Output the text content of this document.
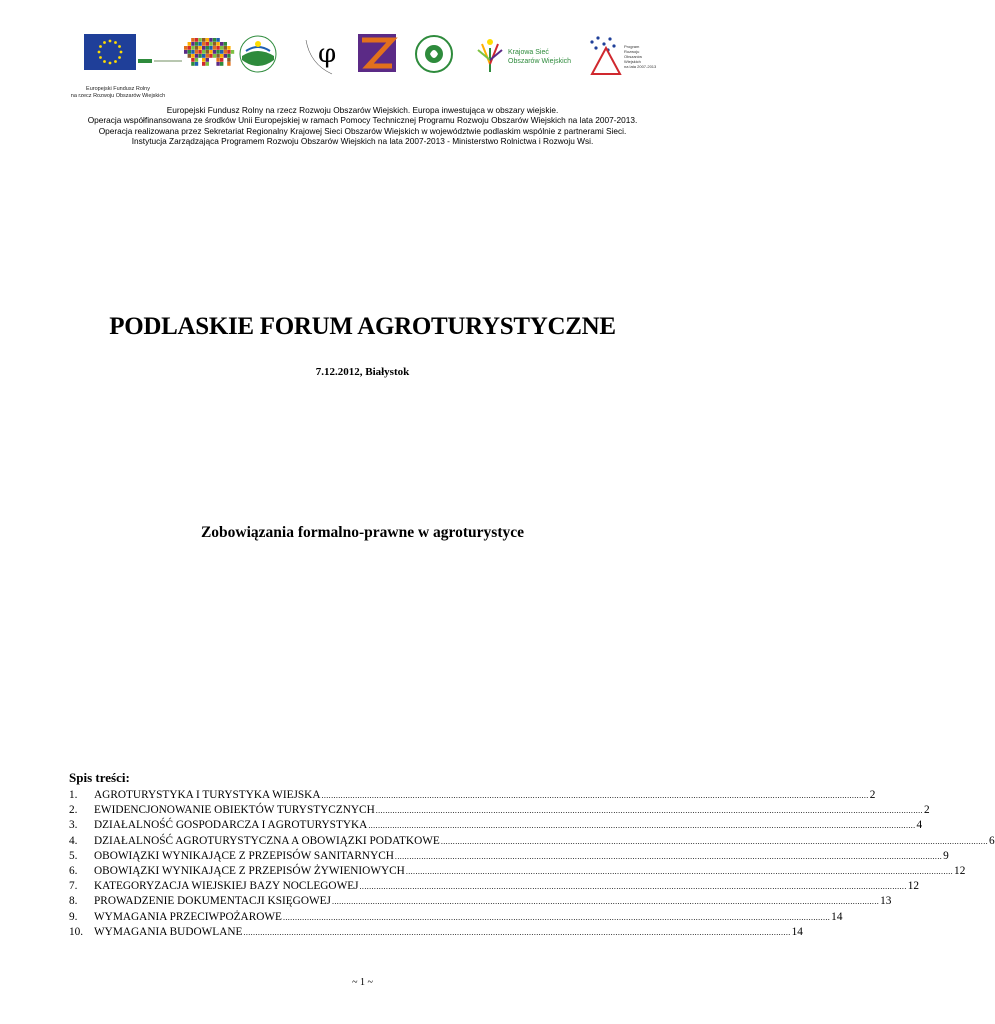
φ	Krajowa Sieć
Obszarów Wiejskich
Program
Rozwoju
Obszarów
Wiejskich
na lata 2007-2013
Europejski Fundusz Rolny
na rzecz Rozwoju Obszarów Wiejskich
Europejski Fundusz Rolny na rzecz Rozwoju Obszarów Wiejskich. Europa inwestująca w obszary wiejskie.
Operacja współfinansowana ze środków Unii Europejskiej w ramach Pomocy Technicznej Programu Rozwoju Obszarów Wiejskich na lata 2007-2013.
Operacja realizowana przez Sekretariat Regionalny Krajowej Sieci Obszarów Wiejskich w województwie podlaskim wspólnie z partnerami Sieci.
Instytucja Zarządzająca Programem Rozwoju Obszarów Wiejskich na lata 2007-2013 - Ministerstwo Rolnictwa i Rozwoju Wsi.
PODLASKIE FORUM AGROTURYSTYCZNE
7.12.2012, Białystok
Zobowiązania formalno-prawne w agroturystyce
Spis treści:
1.	AGROTURYSTYKA I TURYSTYKA WIEJSKA .....	2
2.	EWIDENCJONOWANIE OBIEKTÓW TURYSTYCZNYCH .....	2
3.	DZIAŁALNOŚĆ GOSPODARCZA I AGROTURYSTYKA .....	4
4.	DZIAŁALNOŚĆ AGROTURYSTYCZNA A OBOWIĄZKI PODATKOWE .....	6
5.	OBOWIĄZKI WYNIKAJĄCE Z PRZEPISÓW SANITARNYCH .....	9
6.	OBOWIĄZKI WYNIKAJĄCE Z PRZEPISÓW ŻYWIENIOWYCH .....	12
7.	KATEGORYZACJA WIEJSKIEJ BAZY NOCLEGOWEJ .....	12
8.	PROWADZENIE DOKUMENTACJI KSIĘGOWEJ .....	13
9.	WYMAGANIA PRZECIWPOŻAROWE .....	14
10. WYMAGANIA BUDOWLANE .....	14
~ 1 ~
